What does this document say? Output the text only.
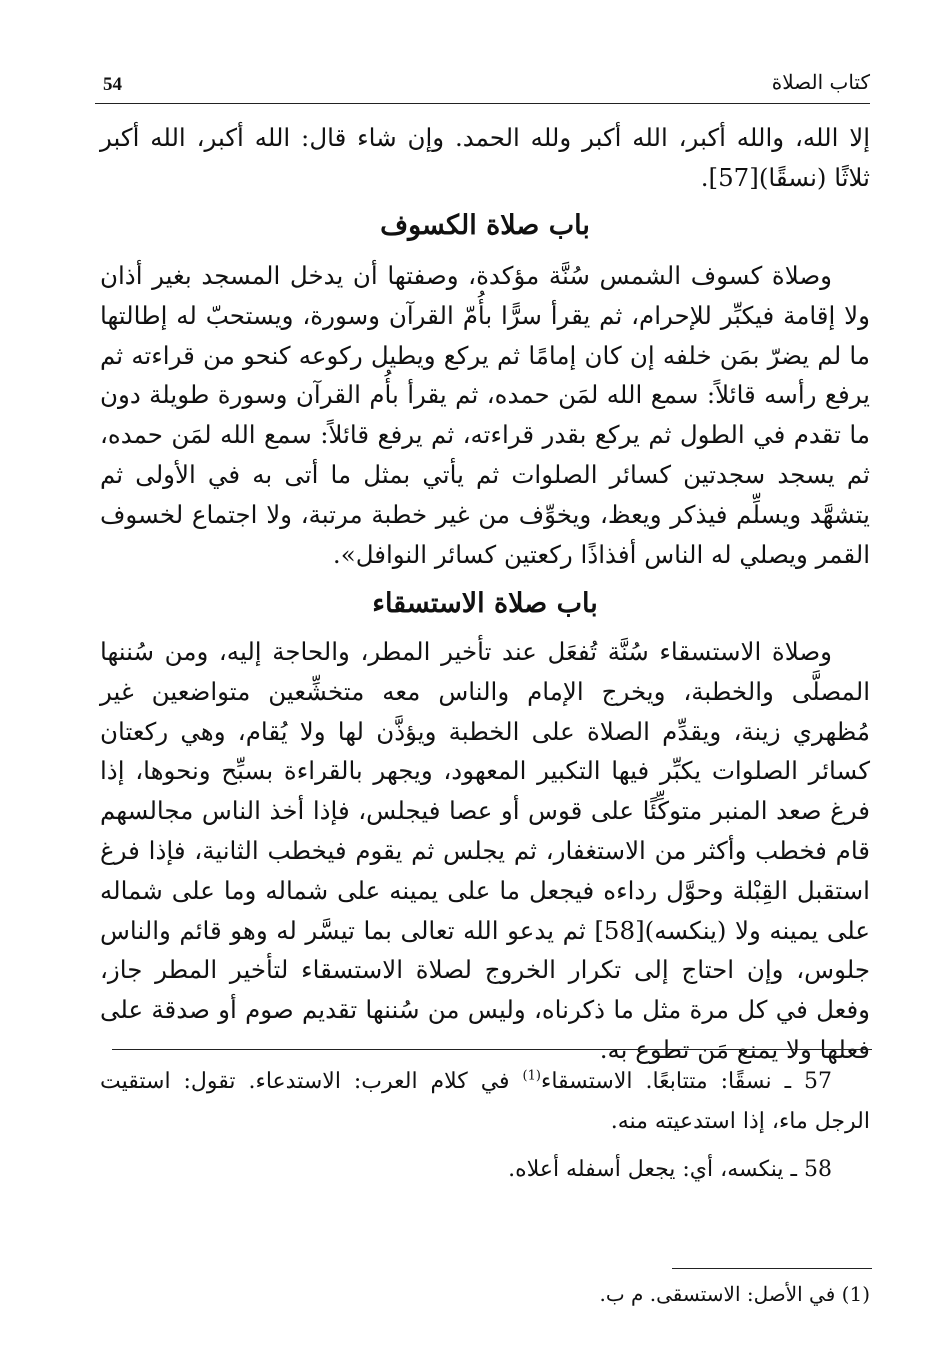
54	كتاب الصلاة

إلا الله، والله أكبر، الله أكبر ولله الحمد. وإن شاء قال: الله أكبر، الله أكبر ثلاثًا (نسقًا)[57].

باب صلاة الكسوف

وصلاة كسوف الشمس سُنَّة مؤكدة، وصفتها أن يدخل المسجد بغير أذان ولا إقامة فيكبِّر للإحرام، ثم يقرأ سرًّا بأُمّ القرآن وسورة، ويستحبّ له إطالتها ما لم يضرّ بمَن خلفه إن كان إمامًا ثم يركع ويطيل ركوعه كنحو من قراءته ثم يرفع رأسه قائلاً: سمع الله لمَن حمده، ثم يقرأ بأُم القرآن وسورة طويلة دون ما تقدم في الطول ثم يركع بقدر قراءته، ثم يرفع قائلاً: سمع الله لمَن حمده، ثم يسجد سجدتين كسائر الصلوات ثم يأتي بمثل ما أتى به في الأولى ثم يتشهَّد ويسلِّم فيذكر ويعظ، ويخوِّف من غير خطبة مرتبة، ولا اجتماع لخسوف القمر ويصلي له الناس أفذاذًا ركعتين كسائر النوافل».

باب صلاة الاستسقاء

وصلاة الاستسقاء سُنَّة تُفعَل عند تأخير المطر، والحاجة إليه، ومن سُننها المصلَّى والخطبة، ويخرج الإمام والناس معه متخشِّعين متواضعين غير مُظهري زينة، ويقدِّم الصلاة على الخطبة ويؤذَّن لها ولا يُقام، وهي ركعتان كسائر الصلوات يكبِّر فيها التكبير المعهود، ويجهر بالقراءة بسبِّح ونحوها، إذا فرغ صعد المنبر متوكِّئًا على قوس أو عصا فيجلس، فإذا أخذ الناس مجالسهم قام فخطب وأكثر من الاستغفار، ثم يجلس ثم يقوم فيخطب الثانية، فإذا فرغ استقبل القِبْلة وحوَّل رداءه فيجعل ما على يمينه على شماله وما على شماله على يمينه ولا (ينكسه)[58] ثم يدعو الله تعالى بما تيسَّر له وهو قائم والناس جلوس، وإن احتاج إلى تكرار الخروج لصلاة الاستسقاء لتأخير المطر جاز، وفعل في كل مرة مثل ما ذكرناه، وليس من سُننها تقديم صوم أو صدقة على فعلها ولا يمنع مَن تطوع به.

57 ـ نسقًا: متتابعًا. الاستسقاء$^{(1)}$ في كلام العرب: الاستدعاء. تقول: استقيت الرجل ماء، إذا استدعيته منه.

58 ـ ينكسه، أي: يجعل أسفله أعلاه.

(1) في الأصل: الاستسقى. م ب.
